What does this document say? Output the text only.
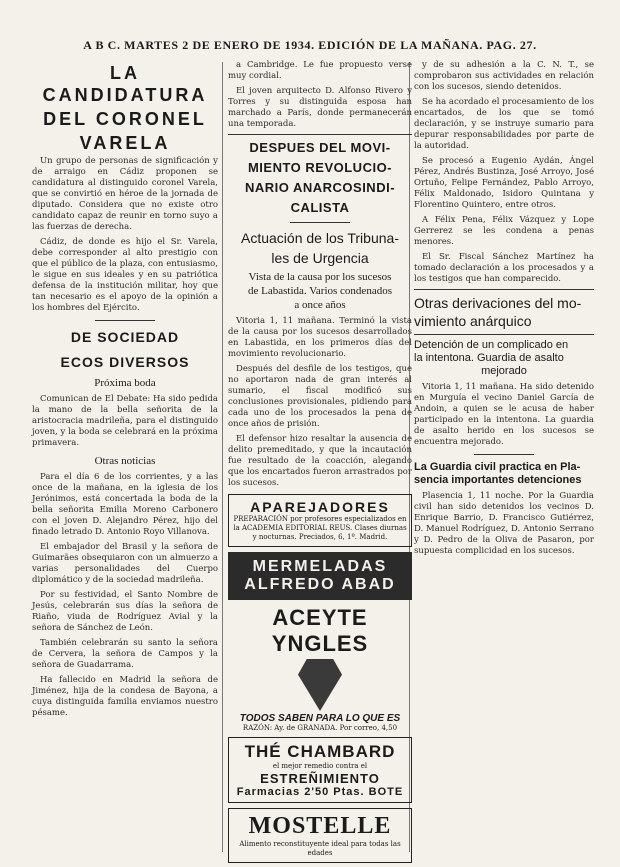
A B C. MARTES 2 DE ENERO DE 1934. EDICIÓN DE LA MAÑANA. PAG. 27.
LA CANDIDATURA
DEL CORONEL
VARELA

Un grupo de personas de significación y de arraigo en Cádiz proponen se candidatura al distinguido coronel Varela, que se convirtió en héroe de la jornada de diputado. Considera que no existe otro candidato capaz de reunir en torno suyo a las fuerzas de derecha.

Cádiz, de donde es hijo el Sr. Varela, debe corresponder al alto prestigio con que el público de la plaza, con entusiasmo, le sigue en sus ideales y en su patriótica defensa de la institución militar, hoy que tan necesario es el apoyo de la opinión a los hombres del Ejército.

DE SOCIEDAD
ECOS DIVERSOS
Próxima boda

Comunican de El Debate: Ha sido pedida la mano de la bella señorita de la aristocracia madrileña, para el distinguido joven, y la boda se celebrará en la próxima primavera.

Otras noticias

Para el día 6 de los corrientes, y a las once de la mañana, en la iglesia de los Jerónimos, está concertada la boda de la bella señorita Emilia Moreno Carbonero con el joven D. Alejandro Pérez, hijo del finado letrado D. Antonio Royo Villanova.

El embajador del Brasil y la señora de Guimarães obsequiaron con un almuerzo a varias personalidades del Cuerpo diplomático y de la sociedad madrileña.

Por su festividad, el Santo Nombre de Jesús, celebrarán sus días la señora de Riaño, viuda de Rodríguez Avial y la señora de Sánchez de León.

También celebrarán su santo la señora de Cervera, la señora de Campos y la señora de Guadarrama.

Ha fallecido en Madrid la señora de Jiménez, hija de la condesa de Bayona, a cuya distinguida familia enviamos nuestro pésame.

a Cambridge. Le fue propuesto verse muy cordial.

El joven arquitecto D. Alfonso Rivero y Torres y su distinguida esposa han marchado a París, donde permanecerán una temporada.

DESPUES DEL MOVI-
MIENTO REVOLUCIO-
NARIO ANARCOSINDI-
CALISTA
Actuación de los Tribuna-
les de Urgencia
Vista de la causa por los sucesos
de Labastida. Varios condenados
a once años

Vitoria 1, 11 mañana. Terminó la vista de la causa por los sucesos desarrollados en Labastida, en los primeros días del movimiento revolucionario.

Después del desfile de los testigos, que no aportaron nada de gran interés al sumario, el fiscal modificó sus conclusiones provisionales, pidiendo para cada uno de los procesados la pena de once años de prisión.

El defensor hizo resaltar la ausencia de delito premeditado, y que la incautación fue resultado de la coacción, alegando que los encartados fueron arrastrados por los sucesos.

APAREJADORES
PREPARACIÓN por profesores especializados en la ACADEMIA EDITORIAL REUS. Clases diurnas y nocturnas. Preciados, 6, 1º. Madrid.
MERMELADAS ALFREDO ABAD
ACEYTE YNGLES
TODOS SABEN PARA LO QUE ES
RAZÓN: Ay. de GRANADA. Por correo, 4,50
THÉ CHAMBARD
el mejor remedio contra el
ESTREÑIMIENTO
Farmacias 2'50 Ptas. BOTE
MOSTELLE
Alimento reconstituyente ideal para todas las edades

y de su adhesión a la C. N. T., se comprobaron sus actividades en relación con los sucesos, siendo detenidos.

Se ha acordado el procesamiento de los encartados, de los que se tomó declaración, y se instruye sumario para depurar responsabilidades por parte de la autoridad.

Se procesó a Eugenio Aydán, Ángel Pérez, Andrés Bustinza, José Arroyo, José Ortuño, Felipe Fernández, Pablo Arroyo, Félix Maldonado, Isidoro Quintana y Florentino Quintero, entre otros.

A Félix Pena, Félix Vázquez y Lope Gerrerez se les condena a penas menores.

El Sr. Fiscal Sánchez Martínez ha tomado declaración a los procesados y a los testigos que han comparecido.

Otras derivaciones del mo-
vimiento anárquico
Detención de un complicado en
la intentona. Guardia de asalto
mejorado

Vitoria 1, 11 mañana. Ha sido detenido en Murguía el vecino Daniel García de Andoin, a quien se le acusa de haber participado en la intentona. La guardia de asalto herido en los sucesos se encuentra mejorado.

La Guardia civil practica en Pla-
sencia importantes detenciones

Plasencia 1, 11 noche. Por la Guardia civil han sido detenidos los vecinos D. Enrique Barrio, D. Francisco Gutiérrez, D. Manuel Rodríguez, D. Antonio Serrano y D. Pedro de la Oliva de Pasaron, por supuesta complicidad en los sucesos.
